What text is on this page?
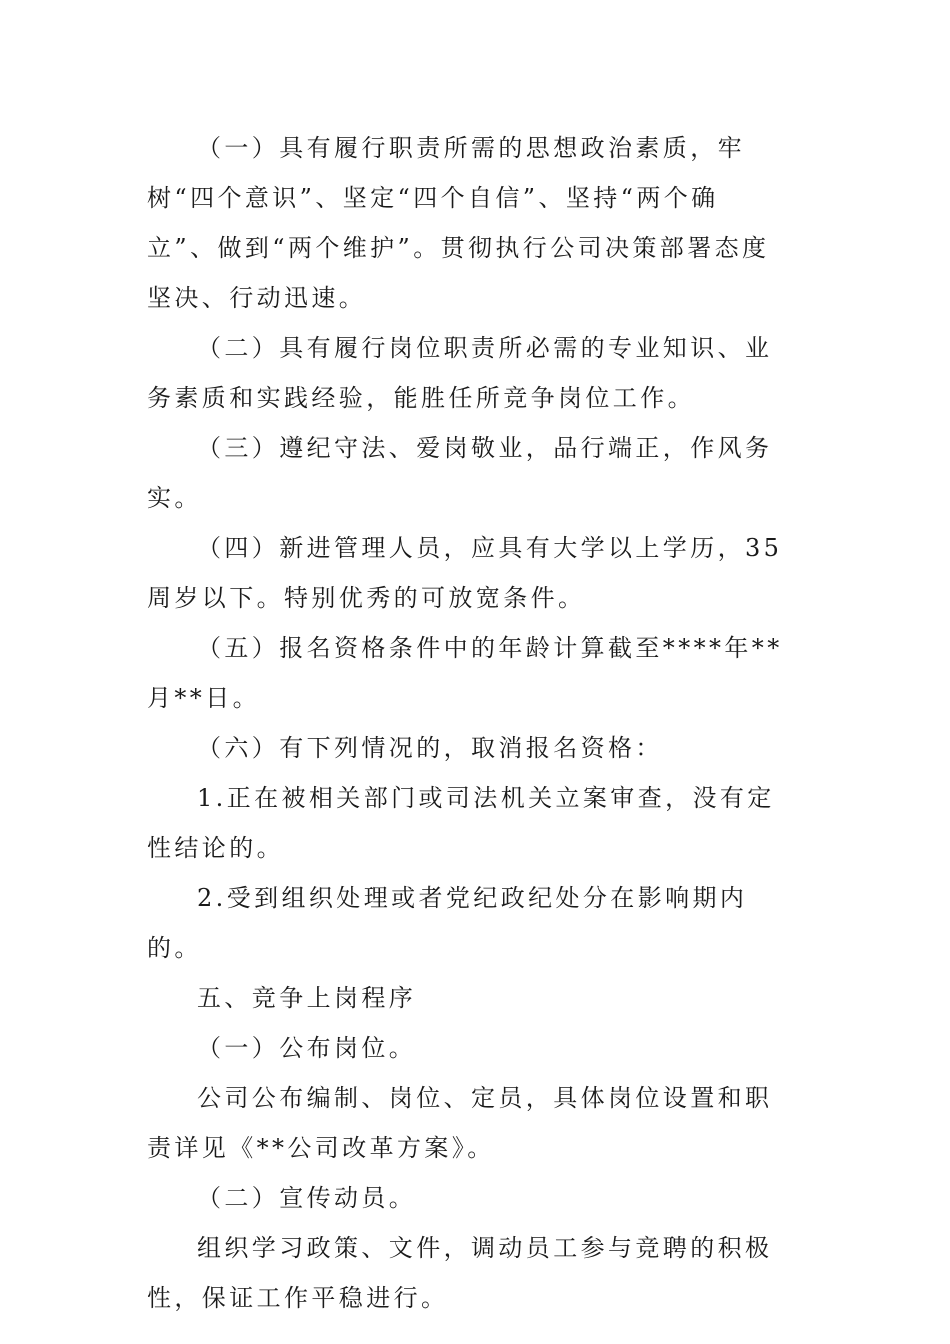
（一）具有履行职责所需的思想政治素质，牢树“四个意识”、坚定“四个自信”、坚持“两个确立”、做到“两个维护”。贯彻执行公司决策部署态度坚决、行动迅速。

（二）具有履行岗位职责所必需的专业知识、业务素质和实践经验，能胜任所竞争岗位工作。

（三）遵纪守法、爱岗敬业，品行端正，作风务实。

（四）新进管理人员，应具有大学以上学历，35周岁以下。特别优秀的可放宽条件。

（五）报名资格条件中的年龄计算截至****年**月**日。

（六）有下列情况的，取消报名资格：

1.正在被相关部门或司法机关立案审查，没有定性结论的。

2.受到组织处理或者党纪政纪处分在影响期内的。

五、竞争上岗程序

（一）公布岗位。

公司公布编制、岗位、定员，具体岗位设置和职责详见《**公司改革方案》。

（二）宣传动员。

组织学习政策、文件，调动员工参与竞聘的积极性，保证工作平稳进行。
